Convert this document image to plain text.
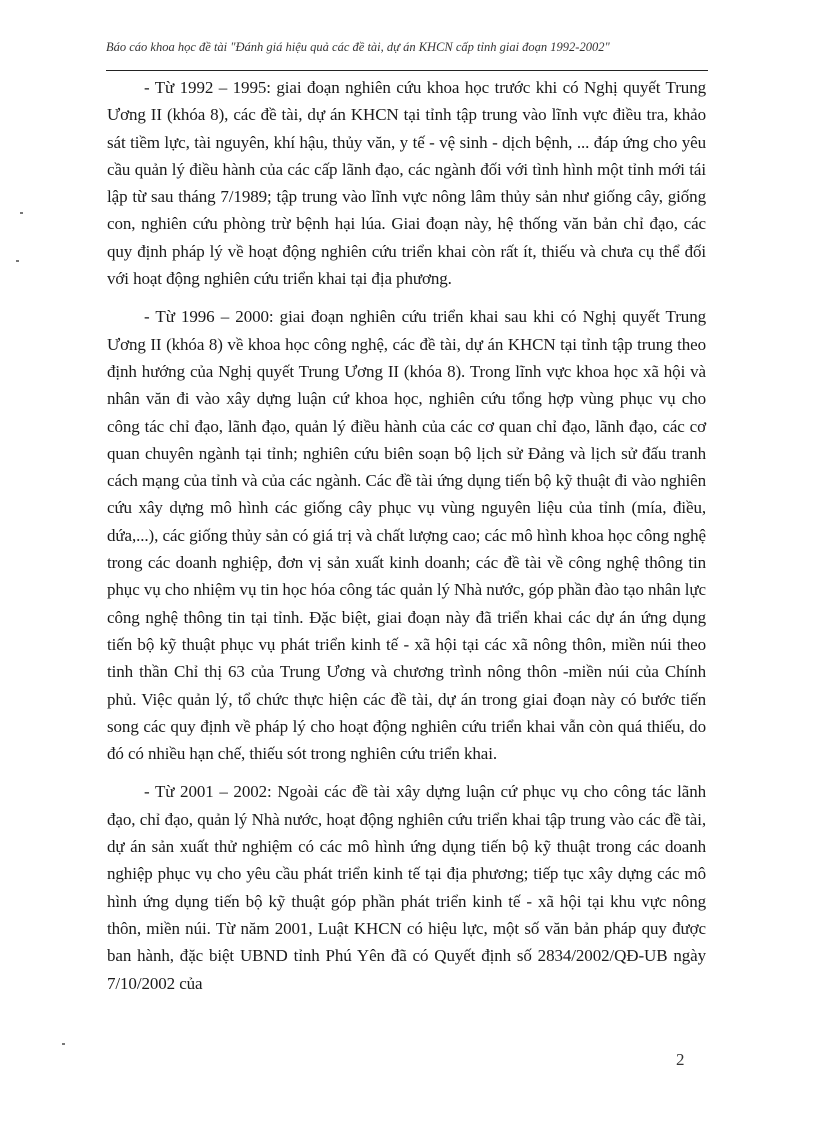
Báo cáo khoa học đề tài "Đánh giá hiệu quả các đề tài, dự án KHCN cấp tỉnh giai đoạn 1992-2002"

- Từ 1992 – 1995: giai đoạn nghiên cứu khoa học trước khi có Nghị quyết Trung Ương II (khóa 8), các đề tài, dự án KHCN tại tỉnh tập trung vào lĩnh vực điều tra, khảo sát tiềm lực, tài nguyên, khí hậu, thủy văn, y tế - vệ sinh - dịch bệnh, ... đáp ứng cho yêu cầu quản lý điều hành của các cấp lãnh đạo, các ngành đối với tình hình một tỉnh mới tái lập từ sau tháng 7/1989; tập trung vào lĩnh vực nông lâm thủy sản như giống cây, giống con, nghiên cứu phòng trừ bệnh hại lúa. Giai đoạn này, hệ thống văn bản chỉ đạo, các quy định pháp lý về hoạt động nghiên cứu triển khai còn rất ít, thiếu và chưa cụ thể đối với hoạt động nghiên cứu triển khai tại địa phương.

- Từ 1996 – 2000: giai đoạn nghiên cứu triển khai sau khi có Nghị quyết Trung Ương II (khóa 8) về khoa học công nghệ, các đề tài, dự án KHCN tại tỉnh tập trung theo định hướng của Nghị quyết Trung Ương II (khóa 8). Trong lĩnh vực khoa học xã hội và nhân văn đi vào xây dựng luận cứ khoa học, nghiên cứu tổng hợp vùng phục vụ cho công tác chỉ đạo, lãnh đạo, quản lý điều hành của các cơ quan chỉ đạo, lãnh đạo, các cơ quan chuyên ngành tại tỉnh; nghiên cứu biên soạn bộ lịch sử Đảng và lịch sử đấu tranh cách mạng của tỉnh và của các ngành. Các đề tài ứng dụng tiến bộ kỹ thuật đi vào nghiên cứu xây dựng mô hình các giống cây phục vụ vùng nguyên liệu của tỉnh (mía, điều, dứa,...), các giống thủy sản có giá trị và chất lượng cao; các mô hình khoa học công nghệ trong các doanh nghiệp, đơn vị sản xuất kinh doanh; các đề tài về công nghệ thông tin phục vụ cho nhiệm vụ tin học hóa công tác quản lý Nhà nước, góp phần đào tạo nhân lực công nghệ thông tin tại tỉnh. Đặc biệt, giai đoạn này đã triển khai các dự án ứng dụng tiến bộ kỹ thuật phục vụ phát triển kinh tế - xã hội tại các xã nông thôn, miền núi theo tinh thần Chỉ thị 63 của Trung Ương và chương trình nông thôn -miền núi của Chính phủ. Việc quản lý, tổ chức thực hiện các đề tài, dự án trong giai đoạn này có bước tiến song các quy định về pháp lý cho hoạt động nghiên cứu triển khai vẫn còn quá thiếu, do đó có nhiều hạn chế, thiếu sót trong nghiên cứu triển khai.

- Từ 2001 – 2002: Ngoài các đề tài xây dựng luận cứ phục vụ cho công tác lãnh đạo, chỉ đạo, quản lý Nhà nước, hoạt động nghiên cứu triển khai tập trung vào các đề tài, dự án sản xuất thử nghiệm có các mô hình ứng dụng tiến bộ kỹ thuật trong các doanh nghiệp phục vụ cho yêu cầu phát triển kinh tế tại địa phương; tiếp tục xây dựng các mô hình ứng dụng tiến bộ kỹ thuật góp phần phát triển kinh tế - xã hội tại khu vực nông thôn, miền núi. Từ năm 2001, Luật KHCN có hiệu lực, một số văn bản pháp quy được ban hành, đặc biệt UBND tỉnh Phú Yên đã có Quyết định số 2834/2002/QĐ-UB ngày 7/10/2002 của

2
